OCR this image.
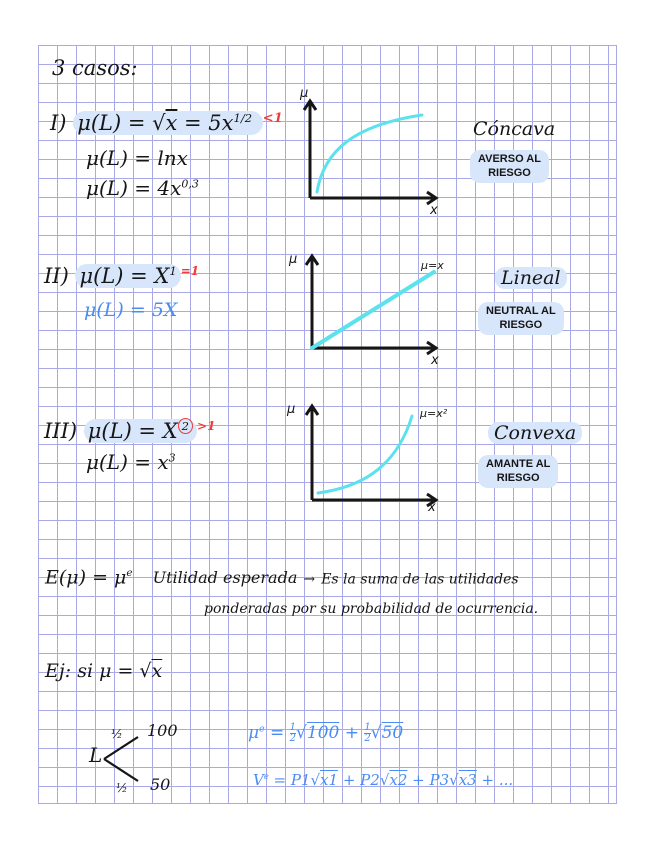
3 casos:
I) $\mu(L) = √x = 5x^{1/2}$ $^{<1}$
μ(L) = lnx
$\mu(L) = 4x^{0,3}$
μ
x
Cóncava
AVERSO AL
RIESGO
II) $\mu(L) = X^1$ $^{=1}$
μ(L) = 5X
μ
x
μ=x
Lineal
NEUTRAL AL
RIESGO
III) μ(L) = X $^2$ $^{>1}$
$\mu(L) = x^3$
μ
x
μ=x²
Convexa
AMANTE AL
RIESGO
$E(\mu) = \mu^e$ Utilidad esperada → Es la suma de las utilidades
ponderadas por su probabilidad de ocurrencia.
Ej: si μ = √x
L
½
½
100
50
$\mu^e = \frac{1}{2} √100 + \frac{1}{2} √50$
$V^e = P1√x1 + P2√x2 + P3√x3$ + ...
